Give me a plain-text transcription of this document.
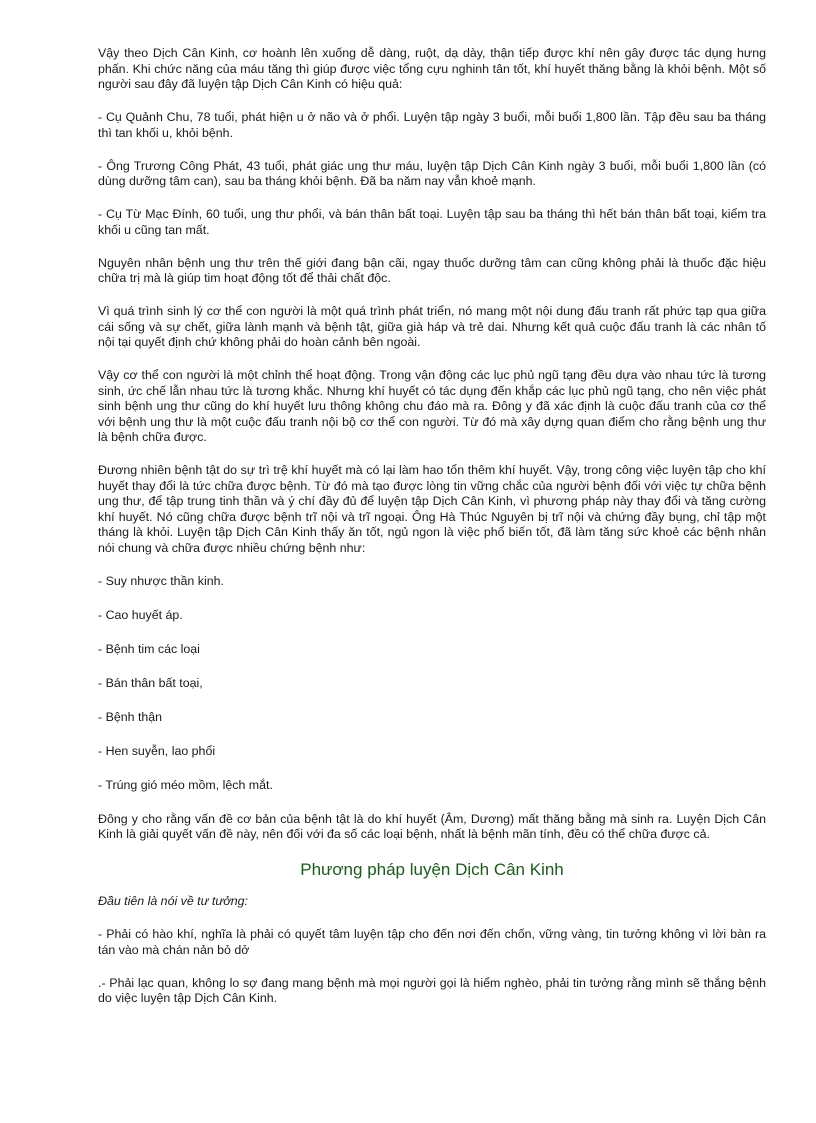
Vậy theo Dịch Cân Kinh, cơ hoành lên xuống dễ dàng, ruột, dạ dày, thận tiếp được khí nên gây được tác dụng hưng phấn. Khi chức năng của máu tăng thì giúp được việc tổng cựu nghinh tân tốt, khí huyết thăng bằng là khỏi bệnh. Một số người sau đây đã luyện tập Dịch Cân Kinh có hiệu quả:

- Cụ Quảnh Chu, 78 tuổi, phát hiện u ở não và ở phổi. Luyện tập ngày 3 buổi, mỗi buổi 1,800 lần. Tập đều sau ba tháng thì tan khối u, khỏi bệnh.

- Ông Trương Công Phát, 43 tuổi, phát giác ung thư máu, luyện tập Dịch Cân Kinh ngày 3 buổi, mỗi buổi 1,800 lần (có dùng dưỡng tâm can), sau ba tháng khỏi bệnh. Đã ba năm nay vẫn khoẻ mạnh.

- Cụ Từ Mạc Đính, 60 tuổi, ung thư phổi, và bán thân bất toại. Luyện tập sau ba tháng thì hết bán thân bất toại, kiểm tra khối u cũng tan mất.

Nguyên nhân bệnh ung thư trên thế giới đang bận cãi, ngay thuốc dưỡng tâm can cũng không phải là thuốc đặc hiệu chữa trị mà là giúp tim hoạt động tốt để thải chất độc.

Vì quá trình sinh lý cơ thể con người là một quá trình phát triển, nó mang một nội dung đấu tranh rất phức tạp qua giữa cái sống và sự chết, giữa lành mạnh và bệnh tật, giữa già háp và trẻ dai. Nhưng kết quả cuộc đấu tranh là các nhân tố nội tại quyết định chứ không phải do hoàn cảnh bên ngoài.

Vậy cơ thể con người là một chỉnh thể hoạt động. Trong vận động các lục phủ ngũ tạng đều dựa vào nhau tức là tương sinh, ức chế lẫn nhau tức là tương khắc. Nhưng khí huyết có tác dụng đến khắp các lục phủ ngũ tạng, cho nên việc phát sinh bệnh ung thư cũng do khí huyết lưu thông không chu đáo mà ra. Đông y đã xác định là cuộc đấu tranh của cơ thể với bệnh ung thư là một cuộc đấu tranh nội bộ cơ thể con người. Từ đó mà xây dựng quan điểm cho rằng bệnh ung thư là bệnh chữa được.

Đương nhiên bệnh tật do sự trì trệ khí huyết mà có lại làm hao tổn thêm khí huyết. Vậy, trong công việc luyện tập cho khí huyết thay đổi là tức chữa được bệnh. Từ đó mà tạo được lòng tin vững chắc của người bệnh đối với việc tự chữa bệnh ung thư, để tập trung tinh thần và ý chí đầy đủ để luyện tập Dịch Cân Kinh, vì phương pháp này thay đổi và tăng cường khí huyết. Nó cũng chữa được bệnh trĩ nội và trĩ ngoại. Ông Hà Thúc Nguyên bị trĩ nội và chứng đầy bụng, chỉ tập một tháng là khỏi. Luyện tập Dịch Cân Kinh thấy ăn tốt, ngủ ngon là việc phổ biến tốt, đã làm tăng sức khoẻ các bệnh nhân nói chung và chữa được nhiều chứng bệnh như:

- Suy nhược thần kinh.

- Cao huyết áp.

- Bệnh tim các loại

- Bán thân bất toại,

- Bệnh thận

- Hen suyễn, lao phổi

- Trúng gió méo mồm, lệch mắt.

Đông y cho rằng vấn đề cơ bản của bệnh tật là do khí huyết (Âm, Dương) mất thăng bằng mà sinh ra. Luyện Dịch Cân Kinh là giải quyết vấn đề này, nên đối với đa số các loại bệnh, nhất là bệnh mãn tính, đều có thể chữa được cả.

Phương pháp luyện Dịch Cân Kinh

Đầu tiên là nói về tư tưởng:

- Phải có hào khí, nghĩa là phải có quyết tâm luyện tập cho đến nơi đến chốn, vững vàng, tin tưởng không vì lời bàn ra tán vào mà chán nản bỏ dở

.- Phải lạc quan, không lo sợ đang mang bệnh mà mọi người gọi là hiểm nghèo, phải tin tưởng rằng mình sẽ thắng bệnh do việc luyện tập Dịch Cân Kinh.
